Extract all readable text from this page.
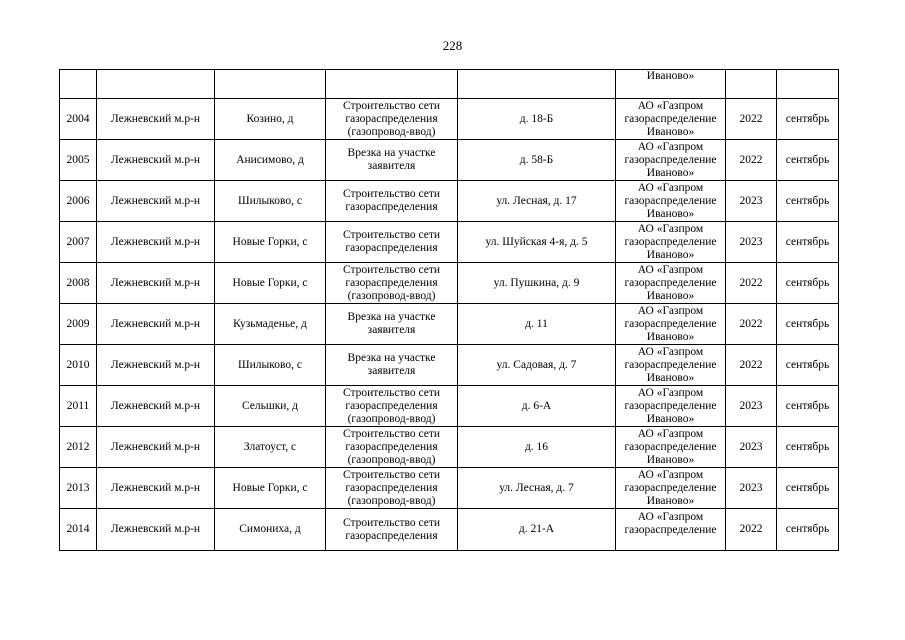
228
					Иваново»		
2004	Лежневский м.р-н	Козино, д	Строительство сети газораспределения (газопровод-ввод)	д. 18-Б	АО «Газпром
газораспределение
Иваново»	2022	сентябрь
2005	Лежневский м.р-н	Анисимово, д	Врезка на участке заявителя	д. 58-Б	АО «Газпром
газораспределение
Иваново»	2022	сентябрь
2006	Лежневский м.р-н	Шилыково, с	Строительство сети газораспределения	ул. Лесная, д. 17	АО «Газпром
газораспределение
Иваново»	2023	сентябрь
2007	Лежневский м.р-н	Новые Горки, с	Строительство сети газораспределения	ул. Шуйская 4-я, д. 5	АО «Газпром
газораспределение
Иваново»	2023	сентябрь
2008	Лежневский м.р-н	Новые Горки, с	Строительство сети газораспределения (газопровод-ввод)	ул. Пушкина, д. 9	АО «Газпром
газораспределение
Иваново»	2022	сентябрь
2009	Лежневский м.р-н	Кузьмаденье, д	Врезка на участке заявителя	д. 11	АО «Газпром
газораспределение
Иваново»	2022	сентябрь
2010	Лежневский м.р-н	Шилыково, с	Врезка на участке заявителя	ул. Садовая, д. 7	АО «Газпром
газораспределение
Иваново»	2022	сентябрь
2011	Лежневский м.р-н	Сельшки, д	Строительство сети газораспределения (газопровод-ввод)	д. 6-А	АО «Газпром
газораспределение
Иваново»	2023	сентябрь
2012	Лежневский м.р-н	Златоуст, с	Строительство сети газораспределения (газопровод-ввод)	д. 16	АО «Газпром
газораспределение
Иваново»	2023	сентябрь
2013	Лежневский м.р-н	Новые Горки, с	Строительство сети газораспределения (газопровод-ввод)	ул. Лесная, д. 7	АО «Газпром
газораспределение
Иваново»	2023	сентябрь
2014	Лежневский м.р-н	Симониха, д	Строительство сети газораспределения	д. 21-А	АО «Газпром
газораспределение	2022	сентябрь
